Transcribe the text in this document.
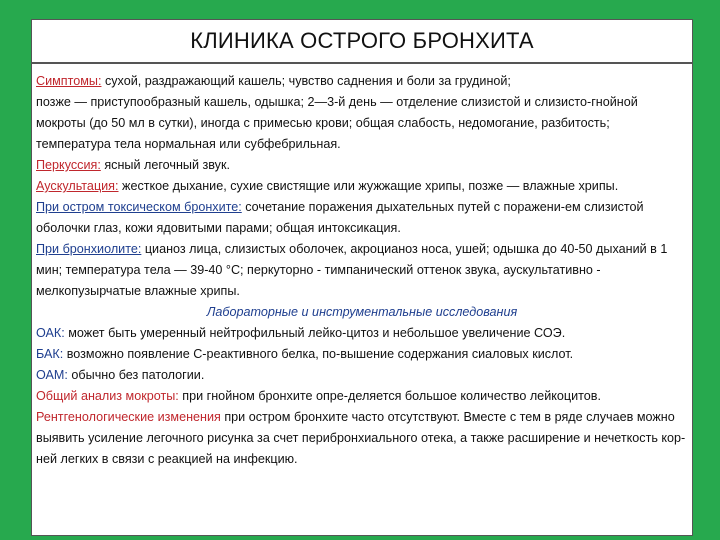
КЛИНИКА ОСТРОГО БРОНХИТА

Симптомы: сухой, раздражающий кашель; чувство саднения и боли за грудиной;

позже — приступообразный кашель, одышка; 2—3-й день — отделение слизистой и слизисто-гнойной мокроты (до 50 мл в сутки), иногда с примесью крови; общая слабость, недомогание, разбитость; температура тела нормальная или субфебрильная.

Перкуссия: ясный легочный звук.

Аускультация: жесткое дыхание, сухие свистящие или жужжащие хрипы, позже — влажные хрипы.

При остром токсическом бронхите: сочетание поражения дыхательных путей с поражени-ем слизистой оболочки глаз, кожи ядовитыми парами; общая интоксикация.

При бронхиолите: цианоз лица, слизистых оболочек, акроцианоз носа, ушей; одышка до 40-50 дыханий в 1 мин; температура тела — 39-40 °С; перкуторно - тимпанический оттенок звука, аускультативно - мелкопузырчатые влажные хрипы.

Лабораторные и инструментальные исследования

ОАК: может быть умеренный нейтрофильный лейко-цитоз и небольшое увеличение СОЭ.

БАК: возможно появление С-реактивного белка, по-вышение содержания сиаловых кислот.

ОАМ: обычно без патологии.

Общий анализ мокроты: при гнойном бронхите опре-деляется большое количество лейкоцитов.

Рентгенологические изменения при остром бронхите часто отсутствуют. Вместе с тем в ряде случаев можно выявить усиление легочного рисунка за счет перибронхиального отека, а также расширение и нечеткость кор-ней легких в связи с реакцией на инфекцию.
